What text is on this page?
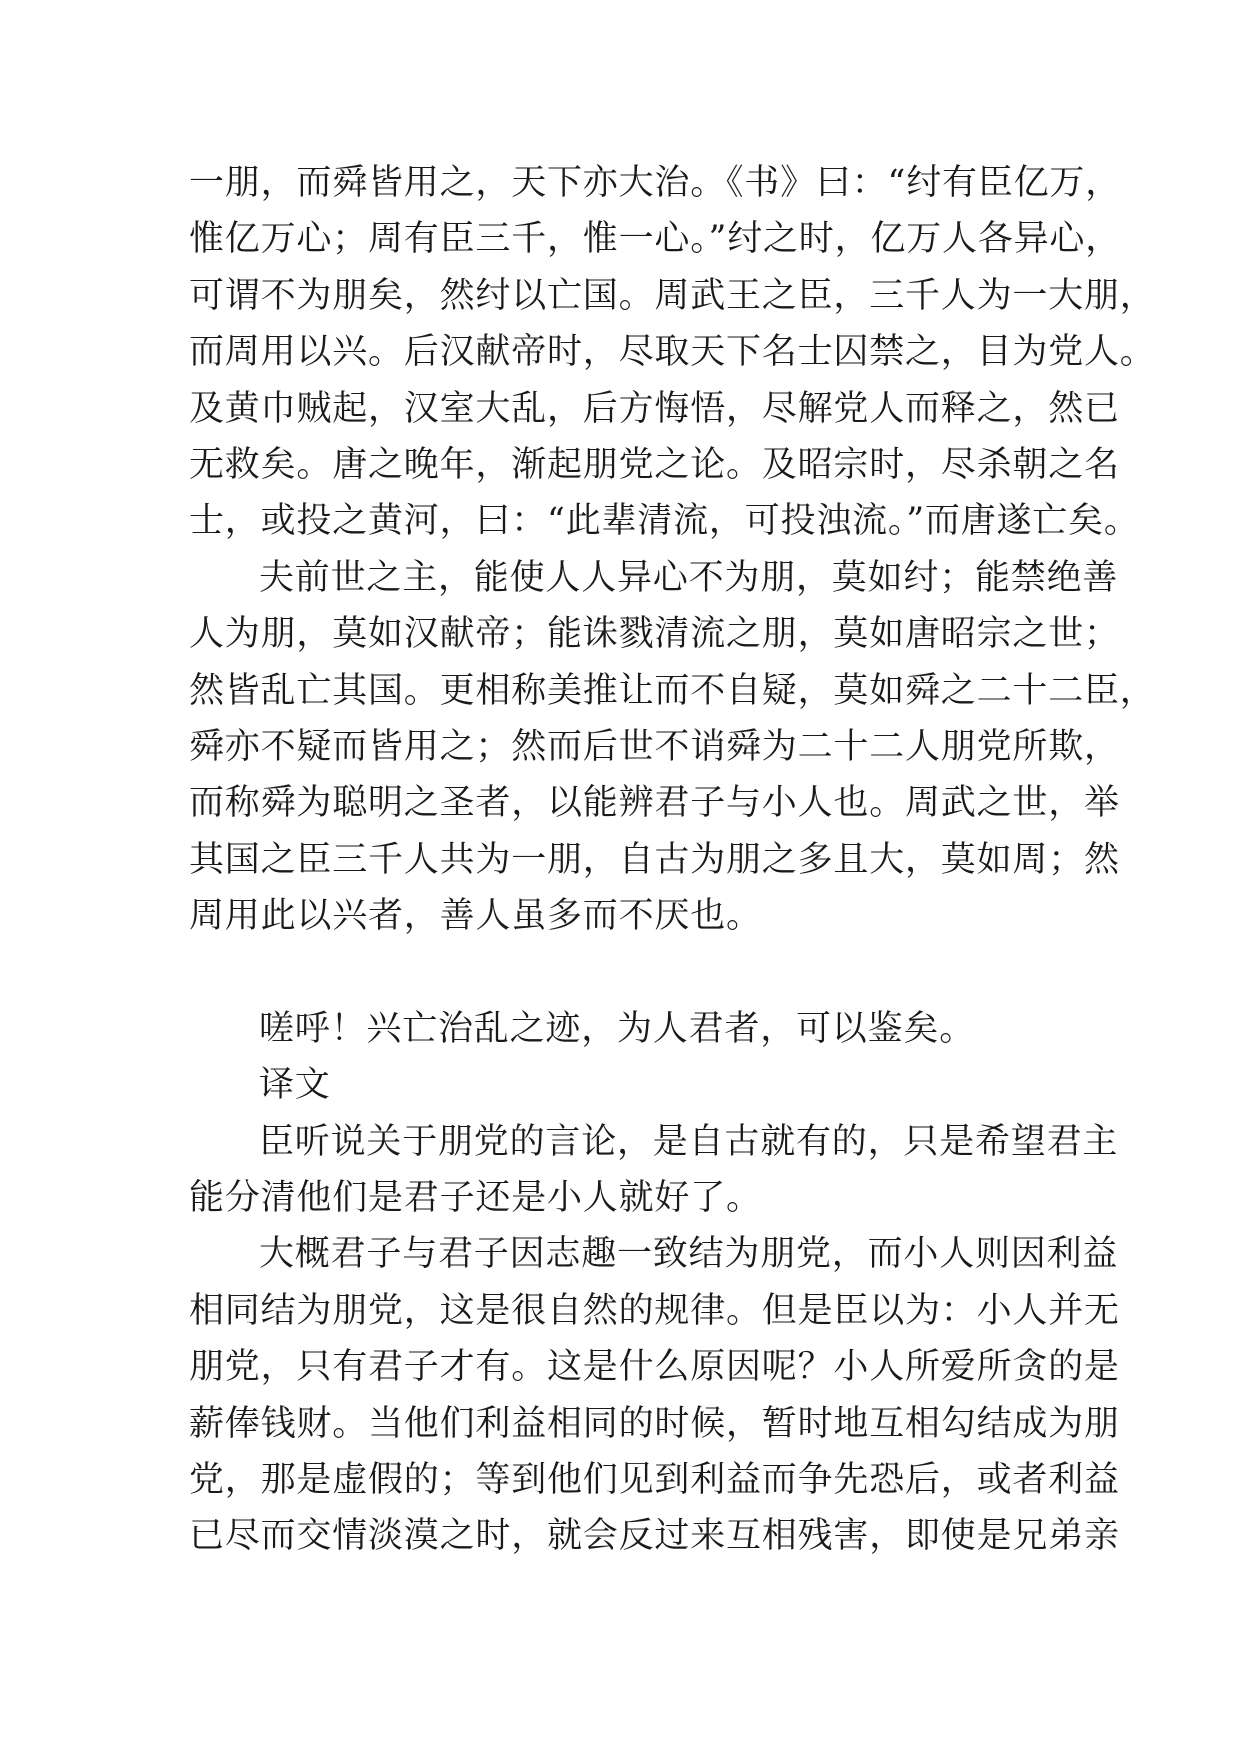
一朋，而舜皆用之，天下亦大治。《书》曰：“纣有臣亿万，
惟亿万心；周有臣三千，惟一心。”纣之时，亿万人各异心，
可谓不为朋矣，然纣以亡国。周武王之臣，三千人为一大朋，
而周用以兴。后汉献帝时，尽取天下名士囚禁之，目为党人。
及黄巾贼起，汉室大乱，后方悔悟，尽解党人而释之，然已
无救矣。唐之晚年，渐起朋党之论。及昭宗时，尽杀朝之名
士，或投之黄河，曰：“此辈清流，可投浊流。”而唐遂亡矣。
夫前世之主，能使人人异心不为朋，莫如纣；能禁绝善
人为朋，莫如汉献帝；能诛戮清流之朋，莫如唐昭宗之世；
然皆乱亡其国。更相称美推让而不自疑，莫如舜之二十二臣，
舜亦不疑而皆用之；然而后世不诮舜为二十二人朋党所欺，
而称舜为聪明之圣者，以能辨君子与小人也。周武之世，举
其国之臣三千人共为一朋，自古为朋之多且大，莫如周；然
周用此以兴者，善人虽多而不厌也。
嗟呼！兴亡治乱之迹，为人君者，可以鉴矣。
译文
臣听说关于朋党的言论，是自古就有的，只是希望君主
能分清他们是君子还是小人就好了。
大概君子与君子因志趣一致结为朋党，而小人则因利益
相同结为朋党，这是很自然的规律。但是臣以为：小人并无
朋党，只有君子才有。这是什么原因呢？小人所爱所贪的是
薪俸钱财。当他们利益相同的时候，暂时地互相勾结成为朋
党，那是虚假的；等到他们见到利益而争先恐后，或者利益
已尽而交情淡漠之时，就会反过来互相残害，即使是兄弟亲
